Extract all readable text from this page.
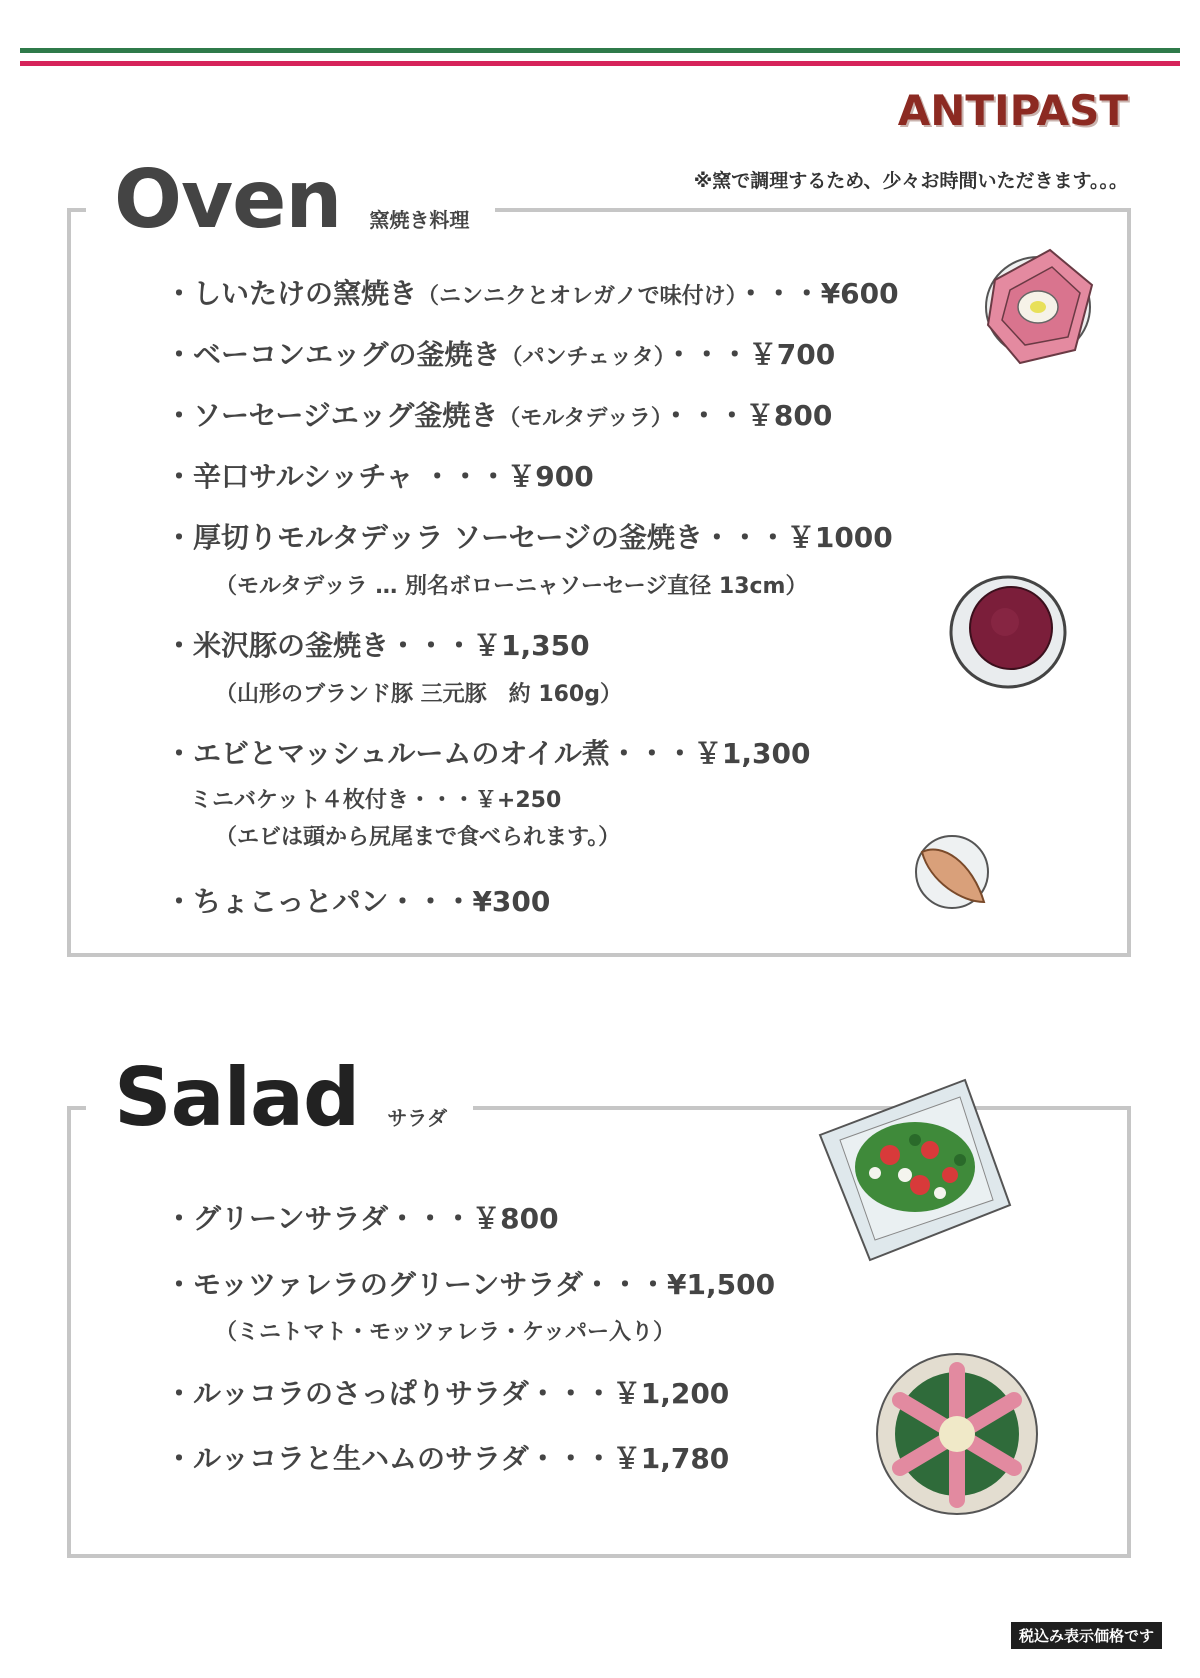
ANTIPAST
※窯で調理するため、少々お時間いただきます。。。
Oven 窯焼き料理
・しいたけの窯焼き（ニンニクとオレガノで味付け）・・・¥600
・ベーコンエッグの釜焼き（パンチェッタ）・・・￥700
・ソーセージエッグ釜焼き（モルタデッラ）・・・￥800
・辛口サルシッチャ ・・・￥900
・厚切りモルタデッラ ソーセージの釜焼き・・・￥1000
（モルタデッラ … 別名ボローニャソーセージ直径 13cm）
・米沢豚の釜焼き・・・￥1,350
（山形のブランド豚 三元豚　約 160g）
・エビとマッシュルームのオイル煮・・・￥1,300
ミニバケット４枚付き・・・￥+250
（エビは頭から尻尾まで食べられます。）
・ちょこっとパン・・・¥300
Salad サラダ
・グリーンサラダ・・・￥800
・モッツァレラのグリーンサラダ・・・¥1,500
（ミニトマト・モッツァレラ・ケッパー入り）
・ルッコラのさっぱりサラダ・・・￥1,200
・ルッコラと生ハムのサラダ・・・￥1,780
税込み表示価格です
